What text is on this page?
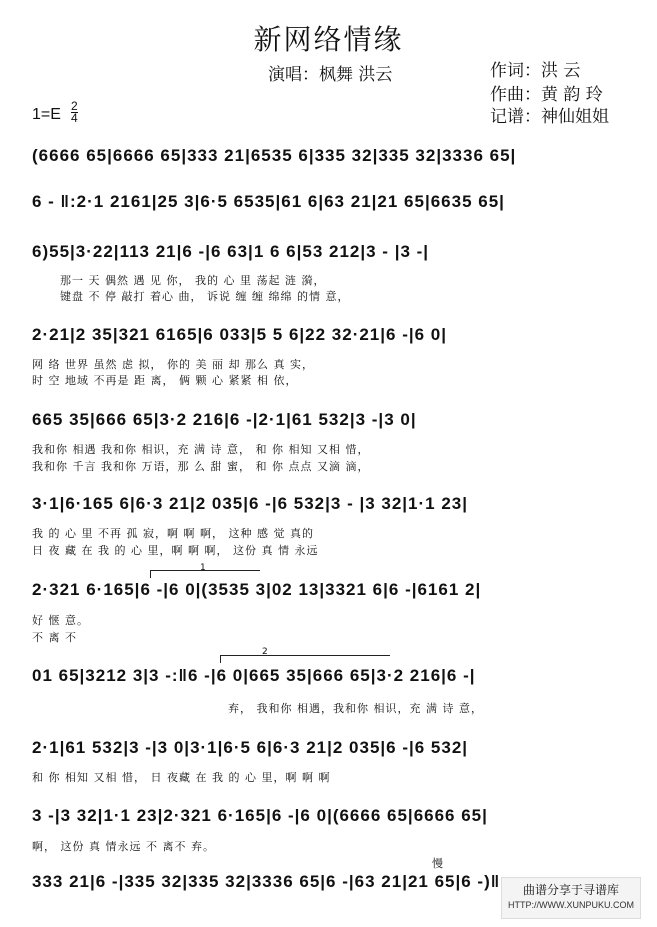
新网络情缘
演唱：枫舞 洪云	作词：洪 云
作曲：黄 韵 玲
记谱：神仙姐姐
$1=E \frac{2}{4}$
(6666 65|6666 65|333 21|6535 6|335 32|335 32|3336 65|
6 - ‖:2·1 2161|25 3|6·5 6535|61 6|63 21|21 65|6635 65|
6)55|3·22|113 21|6 -|6 63|1 6 6|53 212|3 - |3 -|
那一 天 偶然 遇 见 你， 我的 心 里 荡起 涟 漪，
键盘 不 停 敲打 着心 曲， 诉说 缠 缠 绵绵 的情 意，
2·21|2 35|321 6165|6 033|5 5 6|22 32·21|6 -|6 0|
网 络 世界 虽然 虑 拟， 你的 美 丽 却 那么 真 实，
时 空 地域 不再是 距 离， 俩 颗 心 紧紧 相 依，
665 35|666 65|3·2 216|6 -|2·1|61 532|3 -|3 0|
我和你 相遇 我和你 相识，充 满 诗 意， 和 你 相知 又相 惜，
我和你 千言 我和你 万语，那 么 甜 蜜， 和 你 点点 又滴 滴，
3·1|6·165 6|6·3 21|2 035|6 -|6 532|3 - |3 32|1·1 23|
我 的 心 里 不再 孤 寂，啊 啊 啊， 这种 感 觉 真的
日 夜 藏 在 我 的 心 里，啊 啊 啊， 这份 真 情 永远
1
2·321 6·165|6 -|6 0|(3535 3|02 13|3321 6|6 -|6161 2|
好 惬 意。
不 离 不
2
01 65|3212 3|3 -:‖6 -|6 0|665 35|666 65|3·2 216|6 -|
弃， 我和你 相遇，我和你 相识，充 满 诗 意，
2·1|61 532|3 -|3 0|3·1|6·5 6|6·3 21|2 035|6 -|6 532|
和 你 相知 又相 惜， 日 夜藏 在 我 的 心 里，啊 啊 啊
3 -|3 32|1·1 23|2·321 6·165|6 -|6 0|(6666 65|6666 65|
啊， 这份 真 情永远 不 离不 弃。
慢
333 21|6 -|335 32|335 32|3336 65|6 -|63 21|21 65|6 -)‖	曲谱分享于寻谱库
HTTP://WWW.XUNPUKU.COM
